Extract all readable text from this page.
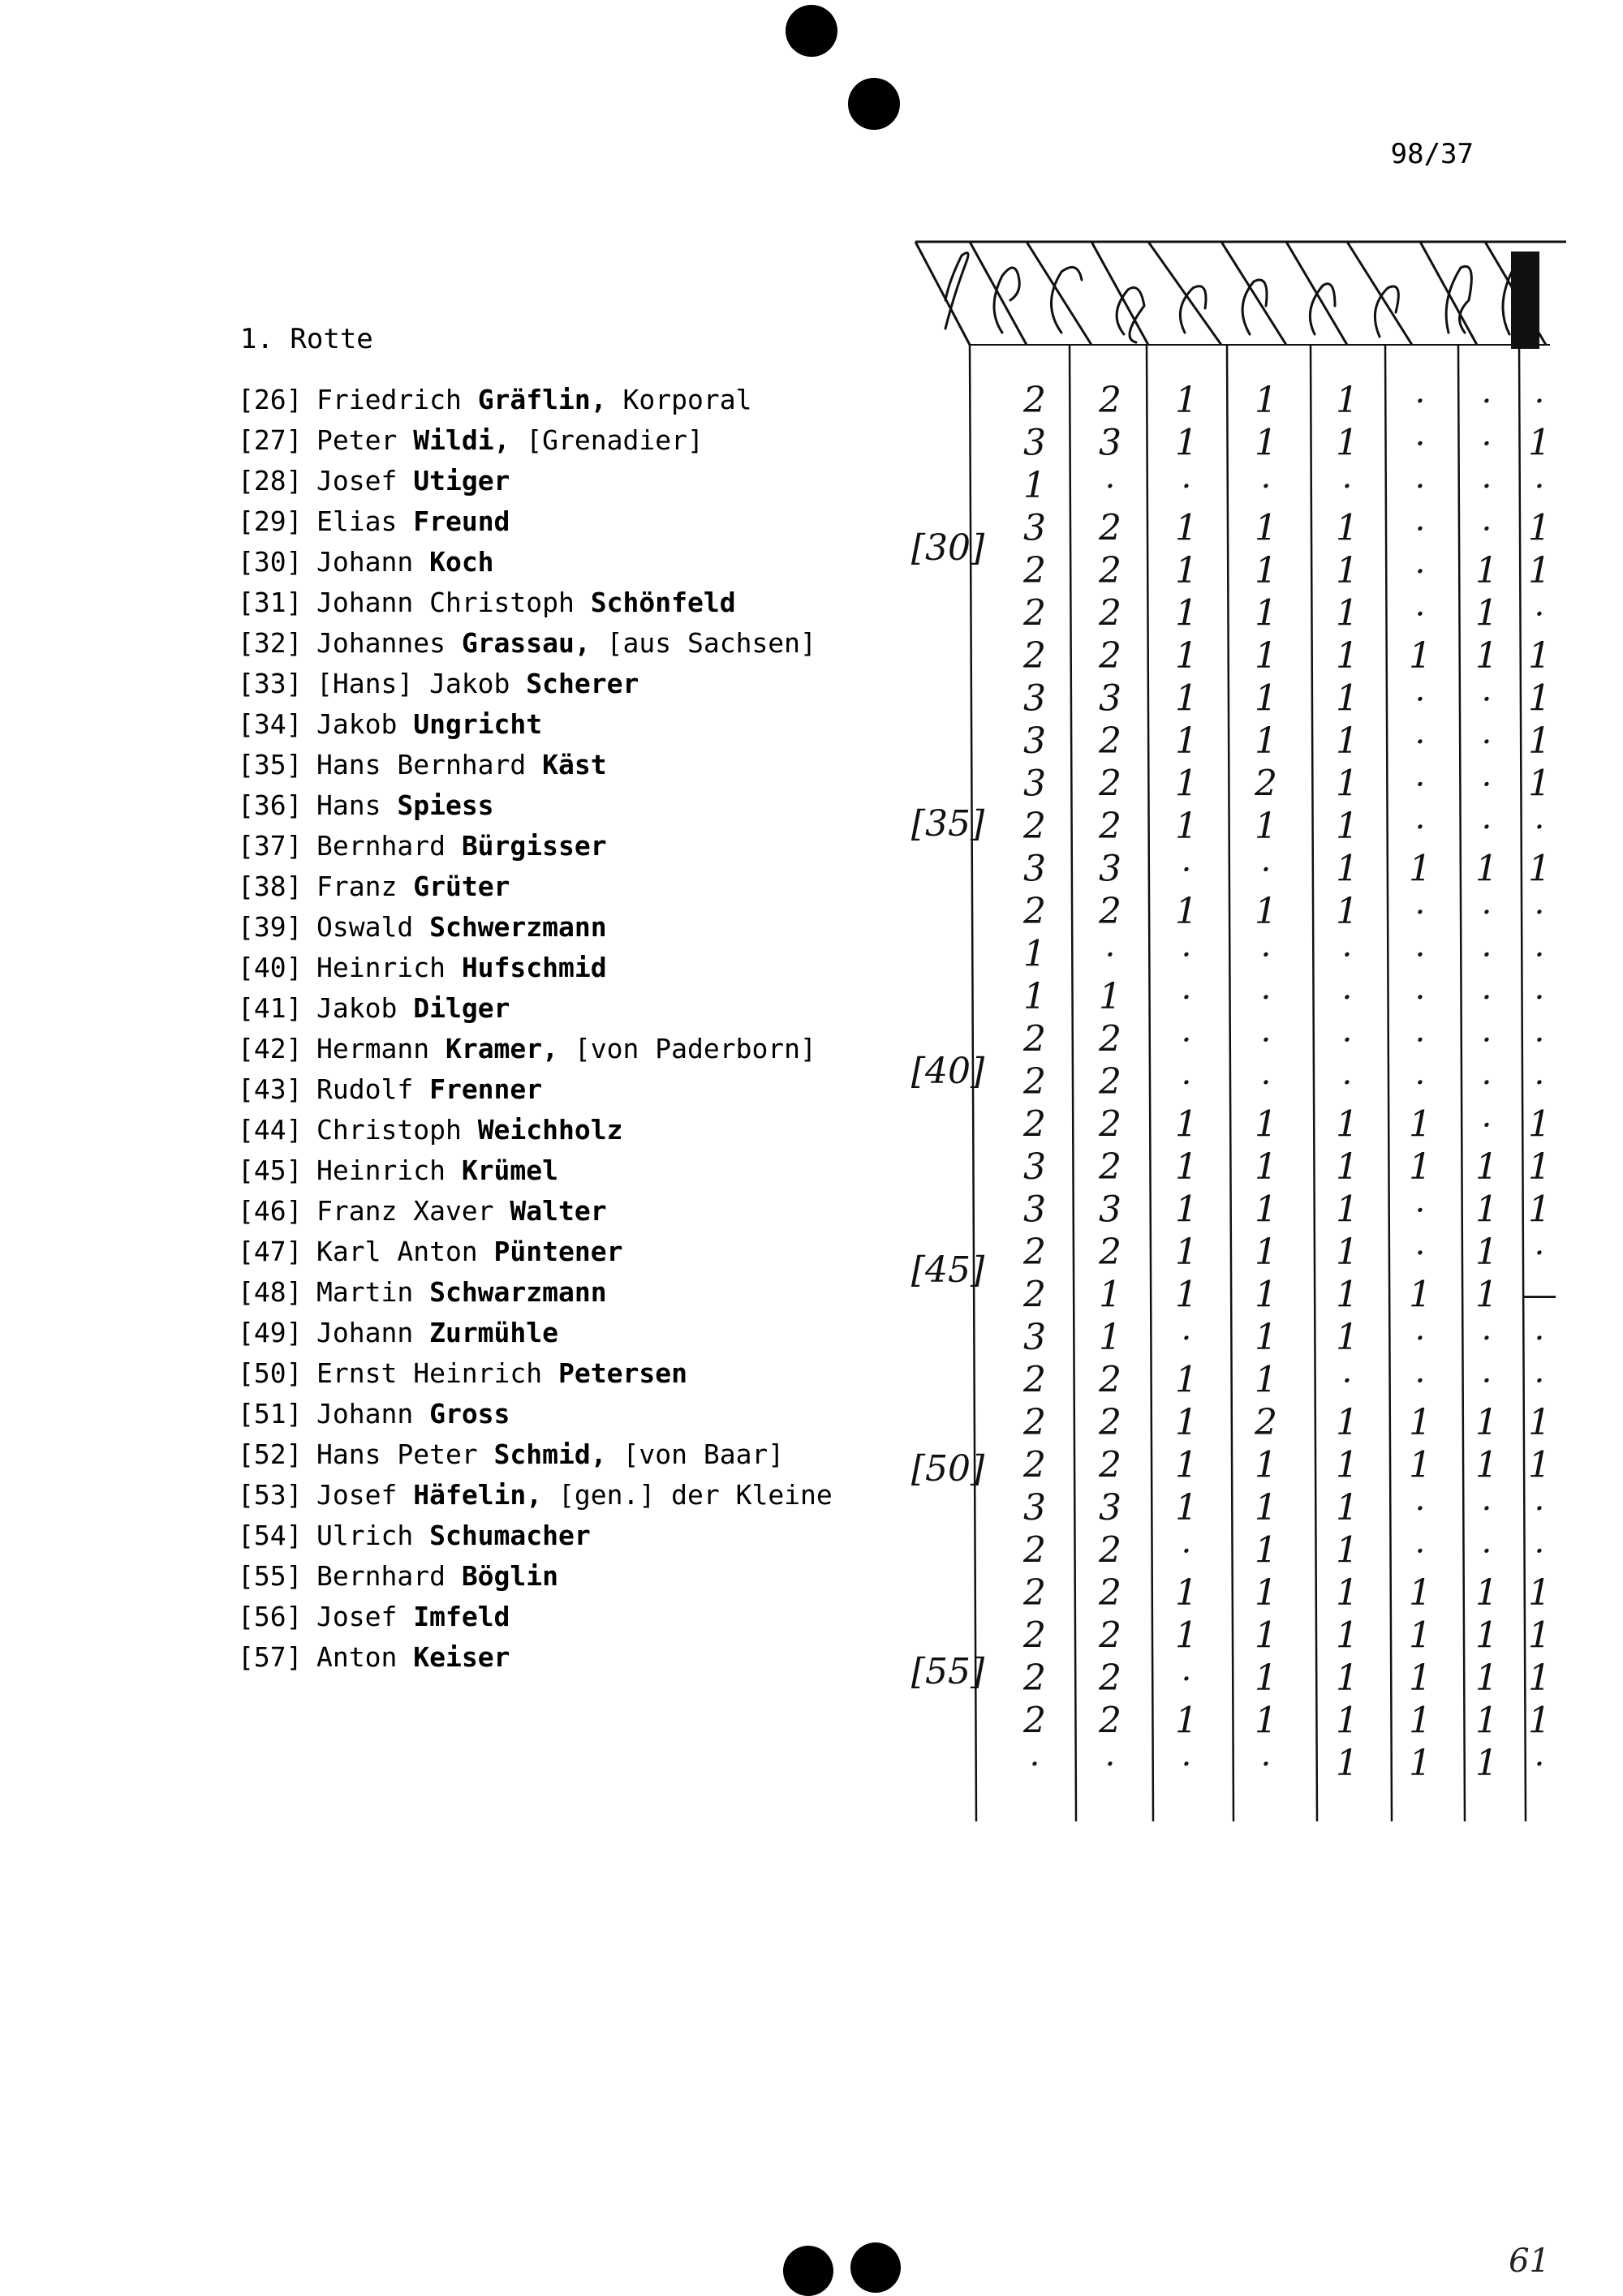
98/37
1. Rotte
[26] Friedrich Gräflin, Korporal
[27] Peter Wildi, [Grenadier]
[28] Josef Utiger
[29] Elias Freund
[30] Johann Koch
[31] Johann Christoph Schönfeld
[32] Johannes Grassau, [aus Sachsen]
[33] [Hans] Jakob Scherer
[34] Jakob Ungricht
[35] Hans Bernhard Käst
[36] Hans Spiess
[37] Bernhard Bürgisser
[38] Franz Grüter
[39] Oswald Schwerzmann
[40] Heinrich Hufschmid
[41] Jakob Dilger
[42] Hermann Kramer, [von Paderborn]
[43] Rudolf Frenner
[44] Christoph Weichholz
[45] Heinrich Krümel
[46] Franz Xaver Walter
[47] Karl Anton Püntener
[48] Martin Schwarzmann
[49] Johann Zurmühle
[50] Ernst Heinrich Petersen
[51] Johann Gross
[52] Hans Peter Schmid, [von Baar]
[53] Josef Häfelin, [gen.] der Kleine
[54] Ulrich Schumacher
[55] Bernhard Böglin
[56] Josef Imfeld
[57] Anton Keiser
2 2 1 1 1 · · ·
3 3 1 1 1 · · 1
1 · · · · · · ·
3 2 1 1 1 · · 1
2 2 1 1 1 · 1 1
2 2 1 1 1 · 1 ·
2 2 1 1 1 1 1 1
3 3 1 1 1 · · 1
3 2 1 1 1 · · 1
3 2 1 2 1 · · 1
2 2 1 1 1 · · ·
3 3 · · 1 1 1 1
2 2 1 1 1 · · ·
1 · · · · · · ·
1 1 · · · · · ·
2 2 · · · · · ·
2 2 · · · · · ·
2 2 1 1 1 1 · 1
3 2 1 1 1 1 1 1
3 3 1 1 1 · 1 1
2 2 1 1 1 · 1 ·
2 1 1 1 1 1 1 —
3 1 · 1 1 · · ·
2 2 1 1 · · · ·
2 2 1 2 1 1 1 1
2 2 1 1 1 1 1 1
3 3 1 1 1 · · ·
2 2 · 1 1 · · ·
2 2 1 1 1 1 1 1
2 2 1 1 1 1 1 1
2 2 · 1 1 1 1 1
2 2 1 1 1 1 1 1
· · · · 1 1 1 ·
[30]
[35]
[40]
[45]
[50]
[55]
61
